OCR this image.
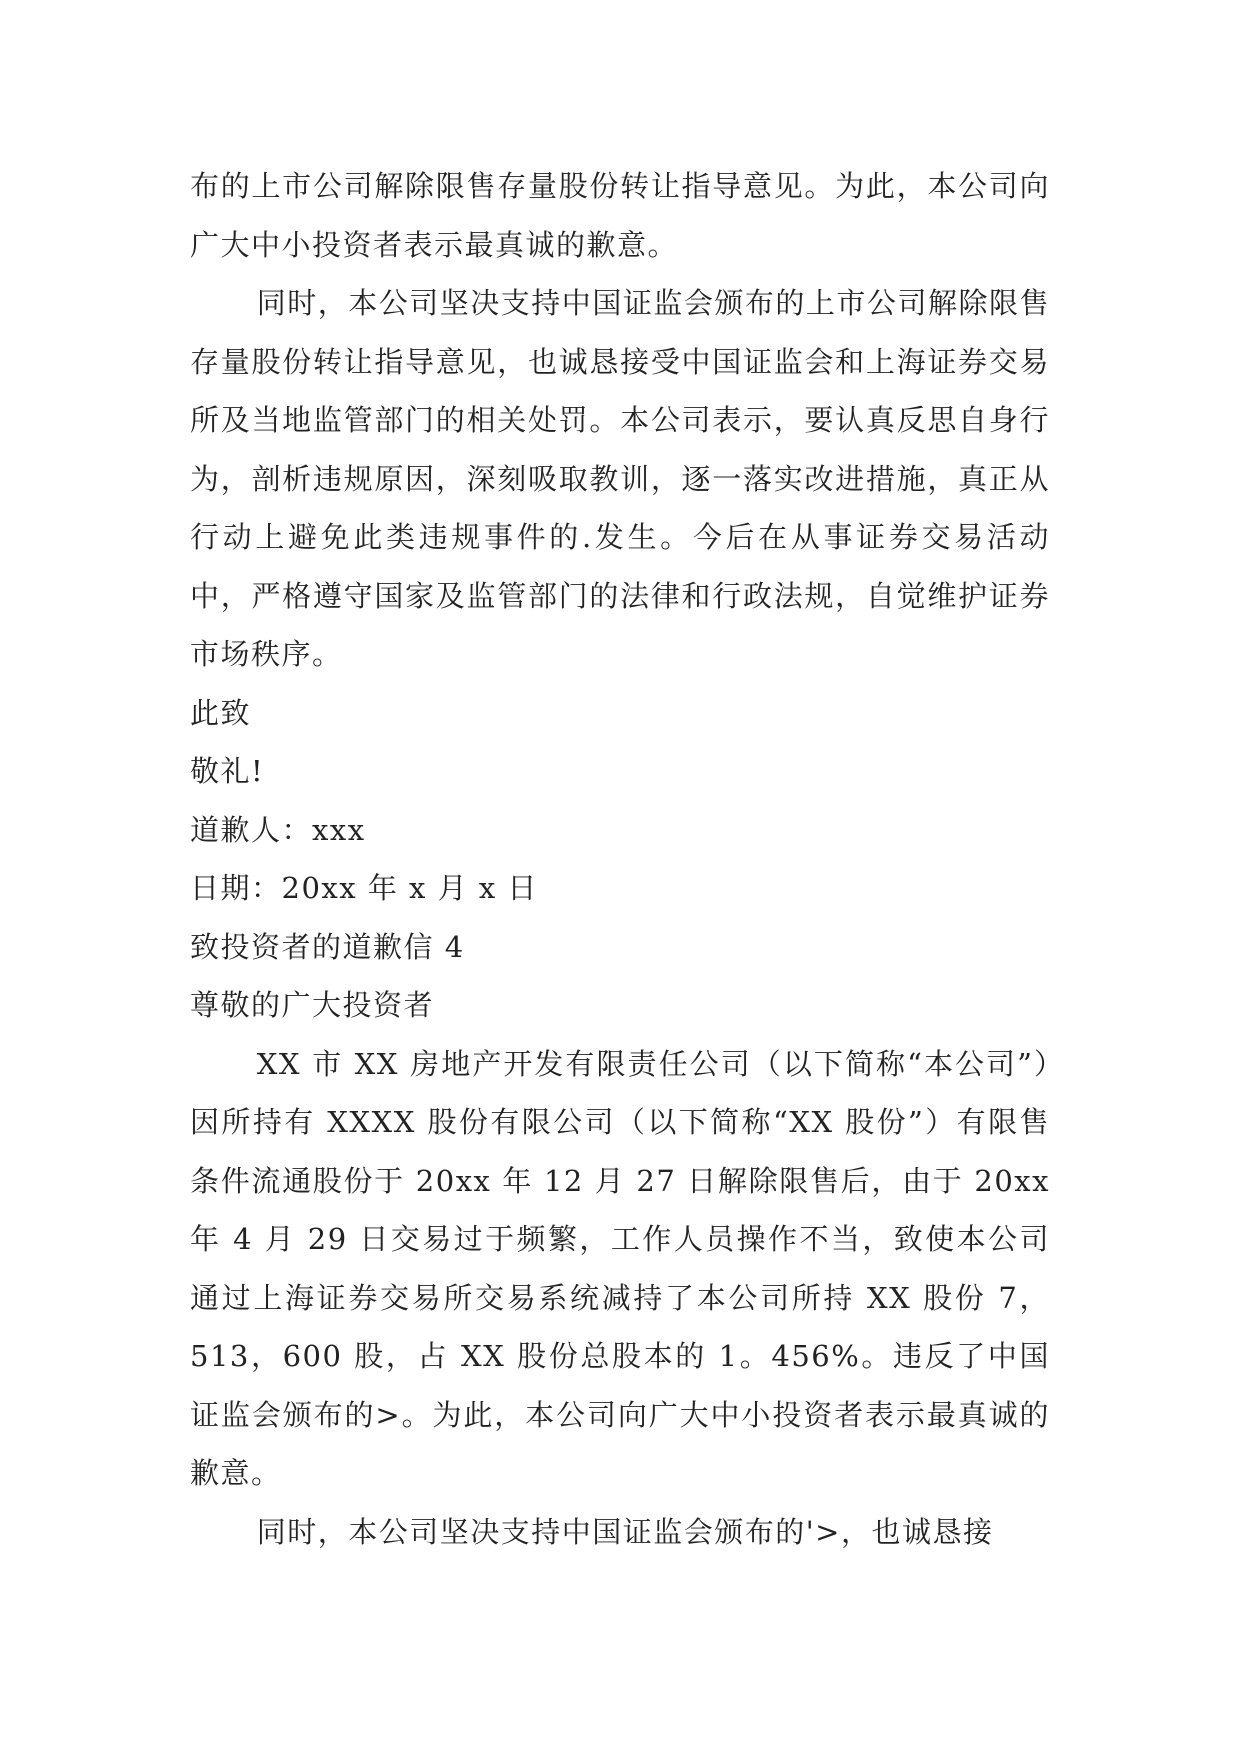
布的上市公司解除限售存量股份转让指导意见。为此，本公司向广大中小投资者表示最真诚的歉意。

同时，本公司坚决支持中国证监会颁布的上市公司解除限售存量股份转让指导意见，也诚恳接受中国证监会和上海证券交易所及当地监管部门的相关处罚。本公司表示，要认真反思自身行为，剖析违规原因，深刻吸取教训，逐一落实改进措施，真正从行动上避免此类违规事件的.发生。今后在从事证券交易活动中，严格遵守国家及监管部门的法律和行政法规，自觉维护证券市场秩序。

此致

敬礼!

道歉人：xxx

日期：20xx 年 x 月 x 日

致投资者的道歉信 4

尊敬的广大投资者

XX 市 XX 房地产开发有限责任公司（以下简称“本公司”）因所持有 XXXX 股份有限公司（以下简称“XX 股份”）有限售条件流通股份于 20xx 年 12 月 27 日解除限售后，由于 20xx 年 4 月 29 日交易过于频繁，工作人员操作不当，致使本公司通过上海证券交易所交易系统减持了本公司所持 XX 股份 7，513，600 股，占 XX 股份总股本的 1。456%。违反了中国证监会颁布的>。为此，本公司向广大中小投资者表示最真诚的歉意。

同时，本公司坚决支持中国证监会颁布的'>，也诚恳接
